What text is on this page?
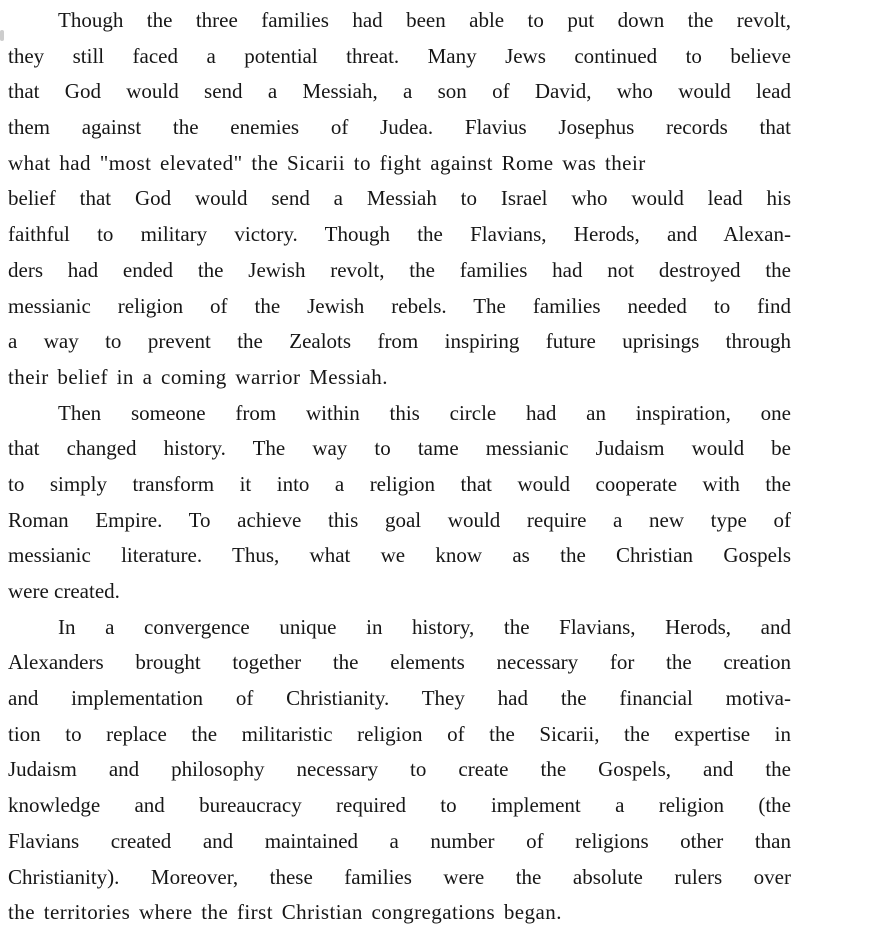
Though the three families had been able to put down the revolt,
they still faced a potential threat. Many Jews continued to believe
that God would send a Messiah, a son of David, who would lead
them against the enemies of Judea. Flavius Josephus records that
what had "most elevated" the Sicarii to fight against Rome was their
belief that God would send a Messiah to Israel who would lead his
faithful to military victory. Though the Flavians, Herods, and Alexan-
ders had ended the Jewish revolt, the families had not destroyed the
messianic religion of the Jewish rebels. The families needed to find
a way to prevent the Zealots from inspiring future uprisings through
their belief in a coming warrior Messiah.
Then someone from within this circle had an inspiration, one
that changed history. The way to tame messianic Judaism would be
to simply transform it into a religion that would cooperate with the
Roman Empire. To achieve this goal would require a new type of
messianic literature. Thus, what we know as the Christian Gospels
were created.
In a convergence unique in history, the Flavians, Herods, and
Alexanders brought together the elements necessary for the creation
and implementation of Christianity. They had the financial motiva-
tion to replace the militaristic religion of the Sicarii, the expertise in
Judaism and philosophy necessary to create the Gospels, and the
knowledge and bureaucracy required to implement a religion (the
Flavians created and maintained a number of religions other than
Christianity). Moreover, these families were the absolute rulers over
the territories where the first Christian congregations began.
